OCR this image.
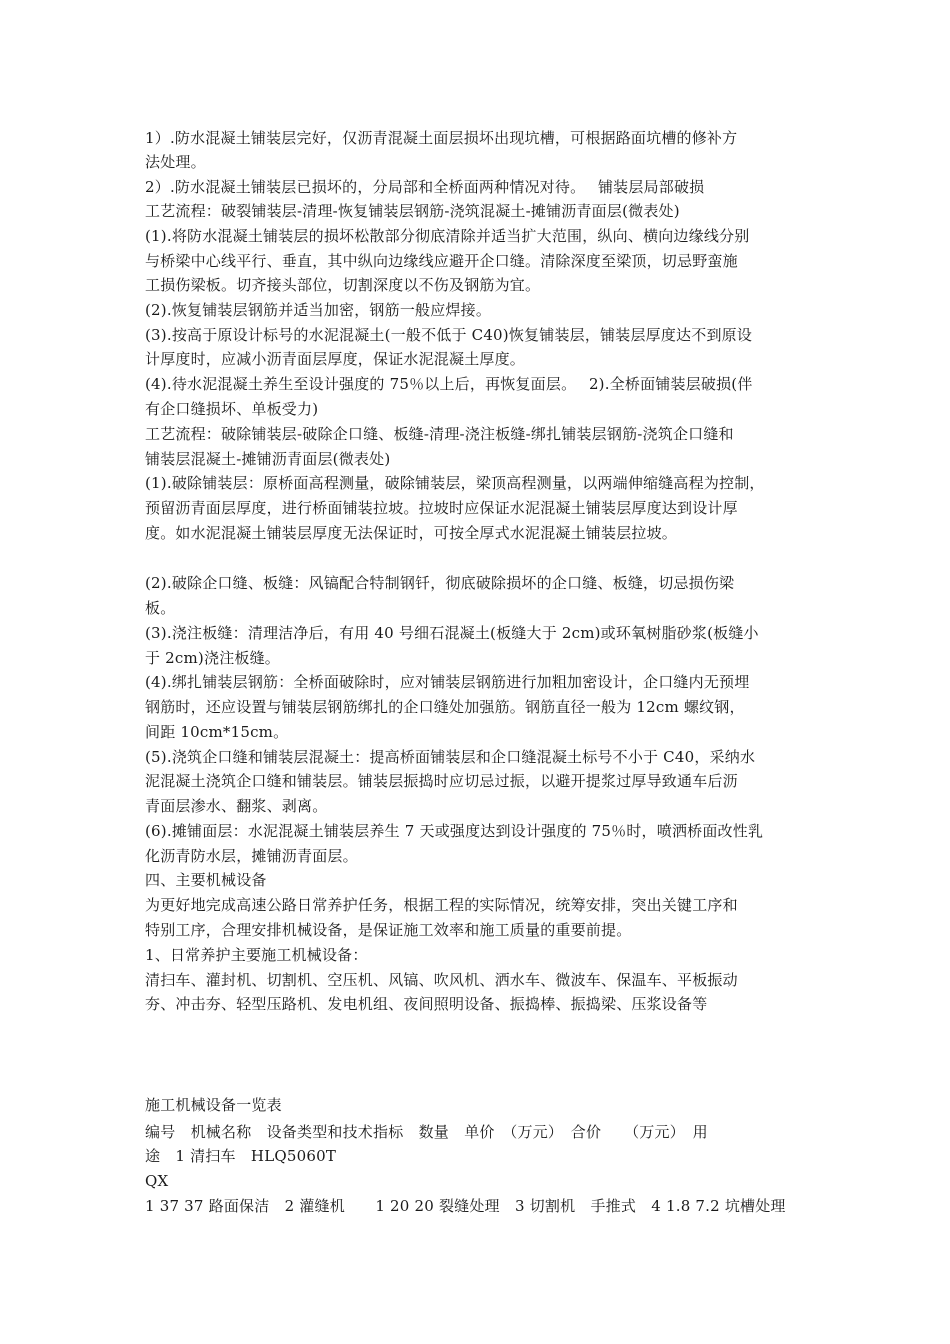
1）.防水混凝土铺装层完好，仅沥青混凝土面层损坏出现坑槽，可根据路面坑槽的修补方
法处理。
2）.防水混凝土铺装层已损坏的，分局部和全桥面两种情况对待。　 铺装层局部破损
工艺流程：破裂铺装层-清理-恢复铺装层钢筋-浇筑混凝土-摊铺沥青面层(微表处)
(1).将防水混凝土铺装层的损坏松散部分彻底清除并适当扩大范围，纵向、横向边缘线分别
与桥梁中心线平行、垂直，其中纵向边缘线应避开企口缝。清除深度至梁顶，切忌野蛮施
工损伤梁板。切齐接头部位，切割深度以不伤及钢筋为宜。
(2).恢复铺装层钢筋并适当加密，钢筋一般应焊接。
(3).按高于原设计标号的水泥混凝土(一般不低于 C40)恢复铺装层，铺装层厚度达不到原设
计厚度时，应减小沥青面层厚度，保证水泥混凝土厚度。
(4).待水泥混凝土养生至设计强度的 75％以上后，再恢复面层。　 2).全桥面铺装层破损(伴
有企口缝损坏、单板受力)
工艺流程：破除铺装层-破除企口缝、板缝-清理-浇注板缝-绑扎铺装层钢筋-浇筑企口缝和
铺装层混凝土-摊铺沥青面层(微表处)
(1).破除铺装层：原桥面高程测量，破除铺装层，梁顶高程测量，以两端伸缩缝高程为控制，
预留沥青面层厚度，进行桥面铺装拉坡。拉坡时应保证水泥混凝土铺装层厚度达到设计厚
度。如水泥混凝土铺装层厚度无法保证时，可按全厚式水泥混凝土铺装层拉坡。
(2).破除企口缝、板缝：风镐配合特制钢钎，彻底破除损坏的企口缝、板缝，切忌损伤梁
板。
(3).浇注板缝：清理洁净后，有用 40 号细石混凝土(板缝大于 2cm)或环氧树脂砂浆(板缝小
于 2cm)浇注板缝。
(4).绑扎铺装层钢筋：全桥面破除时，应对铺装层钢筋进行加粗加密设计，企口缝内无预埋
钢筋时，还应设置与铺装层钢筋绑扎的企口缝处加强筋。钢筋直径一般为 12cm 螺纹钢，
间距 10cm*15cm。
(5).浇筑企口缝和铺装层混凝土：提高桥面铺装层和企口缝混凝土标号不小于 C40，采纳水
泥混凝土浇筑企口缝和铺装层。铺装层振捣时应切忌过振，以避开提浆过厚导致通车后沥
青面层渗水、翻浆、剥离。
(6).摊铺面层：水泥混凝土铺装层养生 7 天或强度达到设计强度的 75％时，喷洒桥面改性乳
化沥青防水层，摊铺沥青面层。
四、主要机械设备
为更好地完成高速公路日常养护任务，根据工程的实际情况，统筹安排，突出关键工序和
特别工序，合理安排机械设备，是保证施工效率和施工质量的重要前提。
1、日常养护主要施工机械设备：
清扫车、灌封机、切割机、空压机、风镐、吹风机、洒水车、微波车、保温车、平板振动
夯、冲击夯、轻型压路机、发电机组、夜间照明设备、振捣棒、振捣梁、压浆设备等
施工机械设备一览表
编号　机械名称　设备类型和技术指标　数量　单价　（万元）　合价　　（万元）　用
途　1 清扫车　HLQ5060T
QX
1 37 37 路面保洁　2 灌缝机　　1 20 20 裂缝处理　3 切割机　手推式　4 1.8 7.2 坑槽处理
